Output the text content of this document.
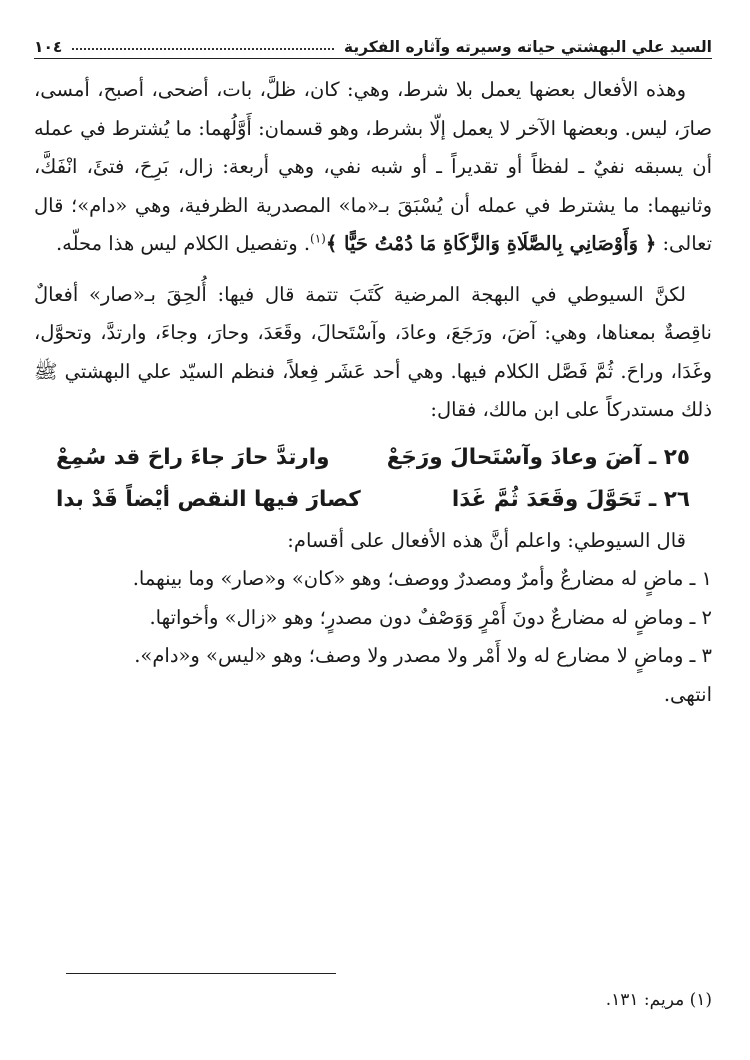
السيد علي البهشتي حياته وسيرته وآثاره الفكرية
١٠٤

وهذه الأفعال بعضها يعمل بلا شرط، وهي: كان، ظلَّ، بات، أضحى، أصبح، أمسى، صارَ، ليس. وبعضها الآخر لا يعمل إلّا بشرط، وهو قسمان: أَوَّلُهما: ما يُشترط في عمله أن يسبقه نفيٌ ـ لفظاً أو تقديراً ـ أو شبه نفي، وهي أربعة: زال، بَرِحَ، فتئَ، انْفَكَّ، وثانيهما: ما يشترط في عمله أن يُسْبَقَ بـ«ما» المصدرية الظرفية، وهي «دام»؛ قال تعالى: ﴿ وَأَوْصَانِي بِالصَّلَاةِ وَالزَّكَاةِ مَا دُمْتُ حَيًّا ﴾$^{(١)}$. وتفصيل الكلام ليس هذا محلّه.

لكنَّ السيوطي في البهجة المرضية كَتَبَ تتمة قال فيها: أُلحِقَ بـ«صار» أفعالٌ ناقِصةٌ بمعناها، وهي: آضَ، ورَجَعَ، وعادَ، وآسْتَحالَ، وقَعَدَ، وحارَ، وجاءَ، وارتدَّ، وتحوَّل، وغَدَا، وراحَ. ثُمَّ فَصَّل الكلام فيها. وهي أحد عَشَر فِعلاً، فنظم السيّد علي البهشتي ﷺ ذلك مستدركاً على ابن مالك، فقال:

٢٥ ـ آضَ وعادَ وآسْتَحالَ ورَجَعْ
وارتدَّ حارَ جاءَ راحَ قد سُمِعْ
٢٦ ـ تَحَوَّلَ وقَعَدَ ثُمَّ غَدَا
كصارَ فيها النقص أيْضاً قَدْ بدا

قال السيوطي: واعلم أنَّ هذه الأفعال على أقسام:

١ ـ ماضٍ له مضارعٌ وأمرٌ ومصدرٌ ووصف؛ وهو «كان» و«صار» وما بينهما.

٢ ـ وماضٍ له مضارعٌ دونَ أَمْرٍ وَوَصْفٌ دون مصدرٍ؛ وهو «زال» وأخواتها.

٣ ـ وماضٍ لا مضارع له ولا أَمْر ولا مصدر ولا وصف؛ وهو «ليس» و«دام».

انتهى.

(١) مريم: ١٣١.
